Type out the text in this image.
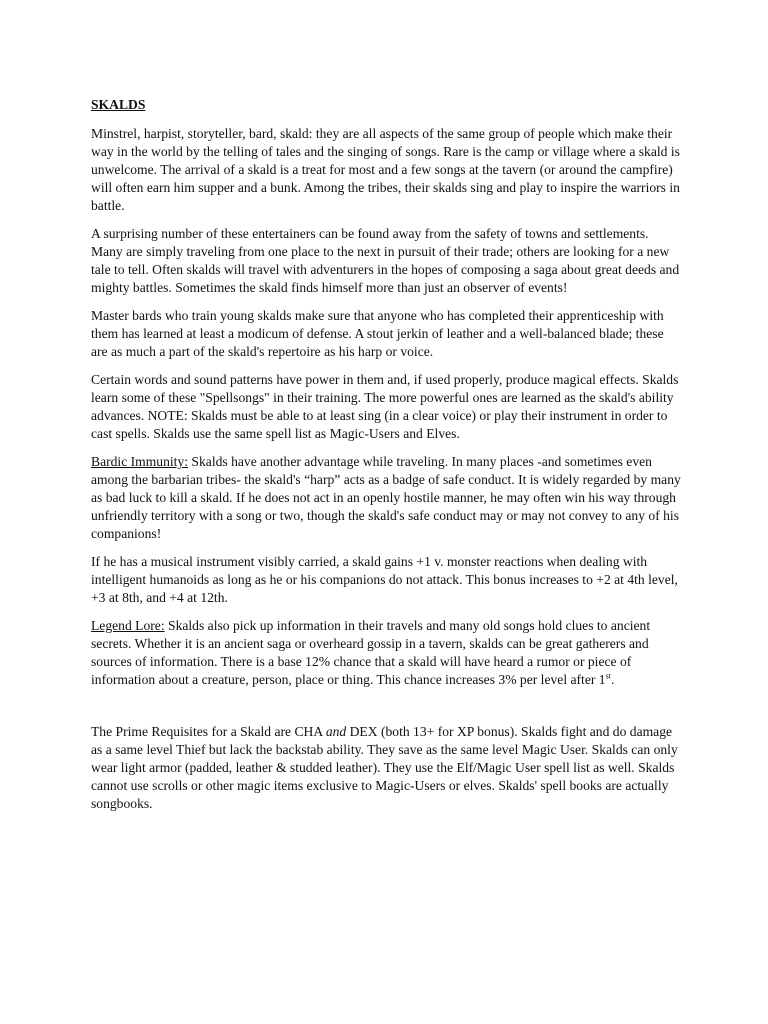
SKALDS

Minstrel, harpist, storyteller, bard, skald: they are all aspects of the same group of people which make their way in the world by the telling of tales and the singing of songs. Rare is the camp or village where a skald is unwelcome. The arrival of a skald is a treat for most and a few songs at the tavern (or around the campfire) will often earn him supper and a bunk. Among the tribes, their skalds sing and play to inspire the warriors in battle.

A surprising number of these entertainers can be found away from the safety of towns and settlements. Many are simply traveling from one place to the next in pursuit of their trade; others are looking for a new tale to tell. Often skalds will travel with adventurers in the hopes of composing a saga about great deeds and mighty battles. Sometimes the skald finds himself more than just an observer of events!

Master bards who train young skalds make sure that anyone who has completed their apprenticeship with them has learned at least a modicum of defense. A stout jerkin of leather and a well-balanced blade; these are as much a part of the skald's repertoire as his harp or voice.

Certain words and sound patterns have power in them and, if used properly, produce magical effects. Skalds learn some of these "Spellsongs" in their training. The more powerful ones are learned as the skald's ability advances. NOTE: Skalds must be able to at least sing (in a clear voice) or play their instrument in order to cast spells. Skalds use the same spell list as Magic-Users and Elves.

Bardic Immunity: Skalds have another advantage while traveling. In many places -and sometimes even among the barbarian tribes- the skald's “harp” acts as a badge of safe conduct. It is widely regarded by many as bad luck to kill a skald. If he does not act in an openly hostile manner, he may often win his way through unfriendly territory with a song or two, though the skald's safe conduct may or may not convey to any of his companions!

If he has a musical instrument visibly carried, a skald gains +1 v. monster reactions when dealing with intelligent humanoids as long as he or his companions do not attack. This bonus increases to +2 at 4th level, +3 at 8th, and +4 at 12th.

Legend Lore: Skalds also pick up information in their travels and many old songs hold clues to ancient secrets. Whether it is an ancient saga or overheard gossip in a tavern, skalds can be great gatherers and sources of information. There is a base 12% chance that a skald will have heard a rumor or piece of information about a creature, person, place or thing. This chance increases 3% per level after 1st.

The Prime Requisites for a Skald are CHA and DEX (both 13+ for XP bonus). Skalds fight and do damage as a same level Thief but lack the backstab ability. They save as the same level Magic User. Skalds can only wear light armor (padded, leather & studded leather). They use the Elf/Magic User spell list as well. Skalds cannot use scrolls or other magic items exclusive to Magic-Users or elves. Skalds' spell books are actually songbooks.
